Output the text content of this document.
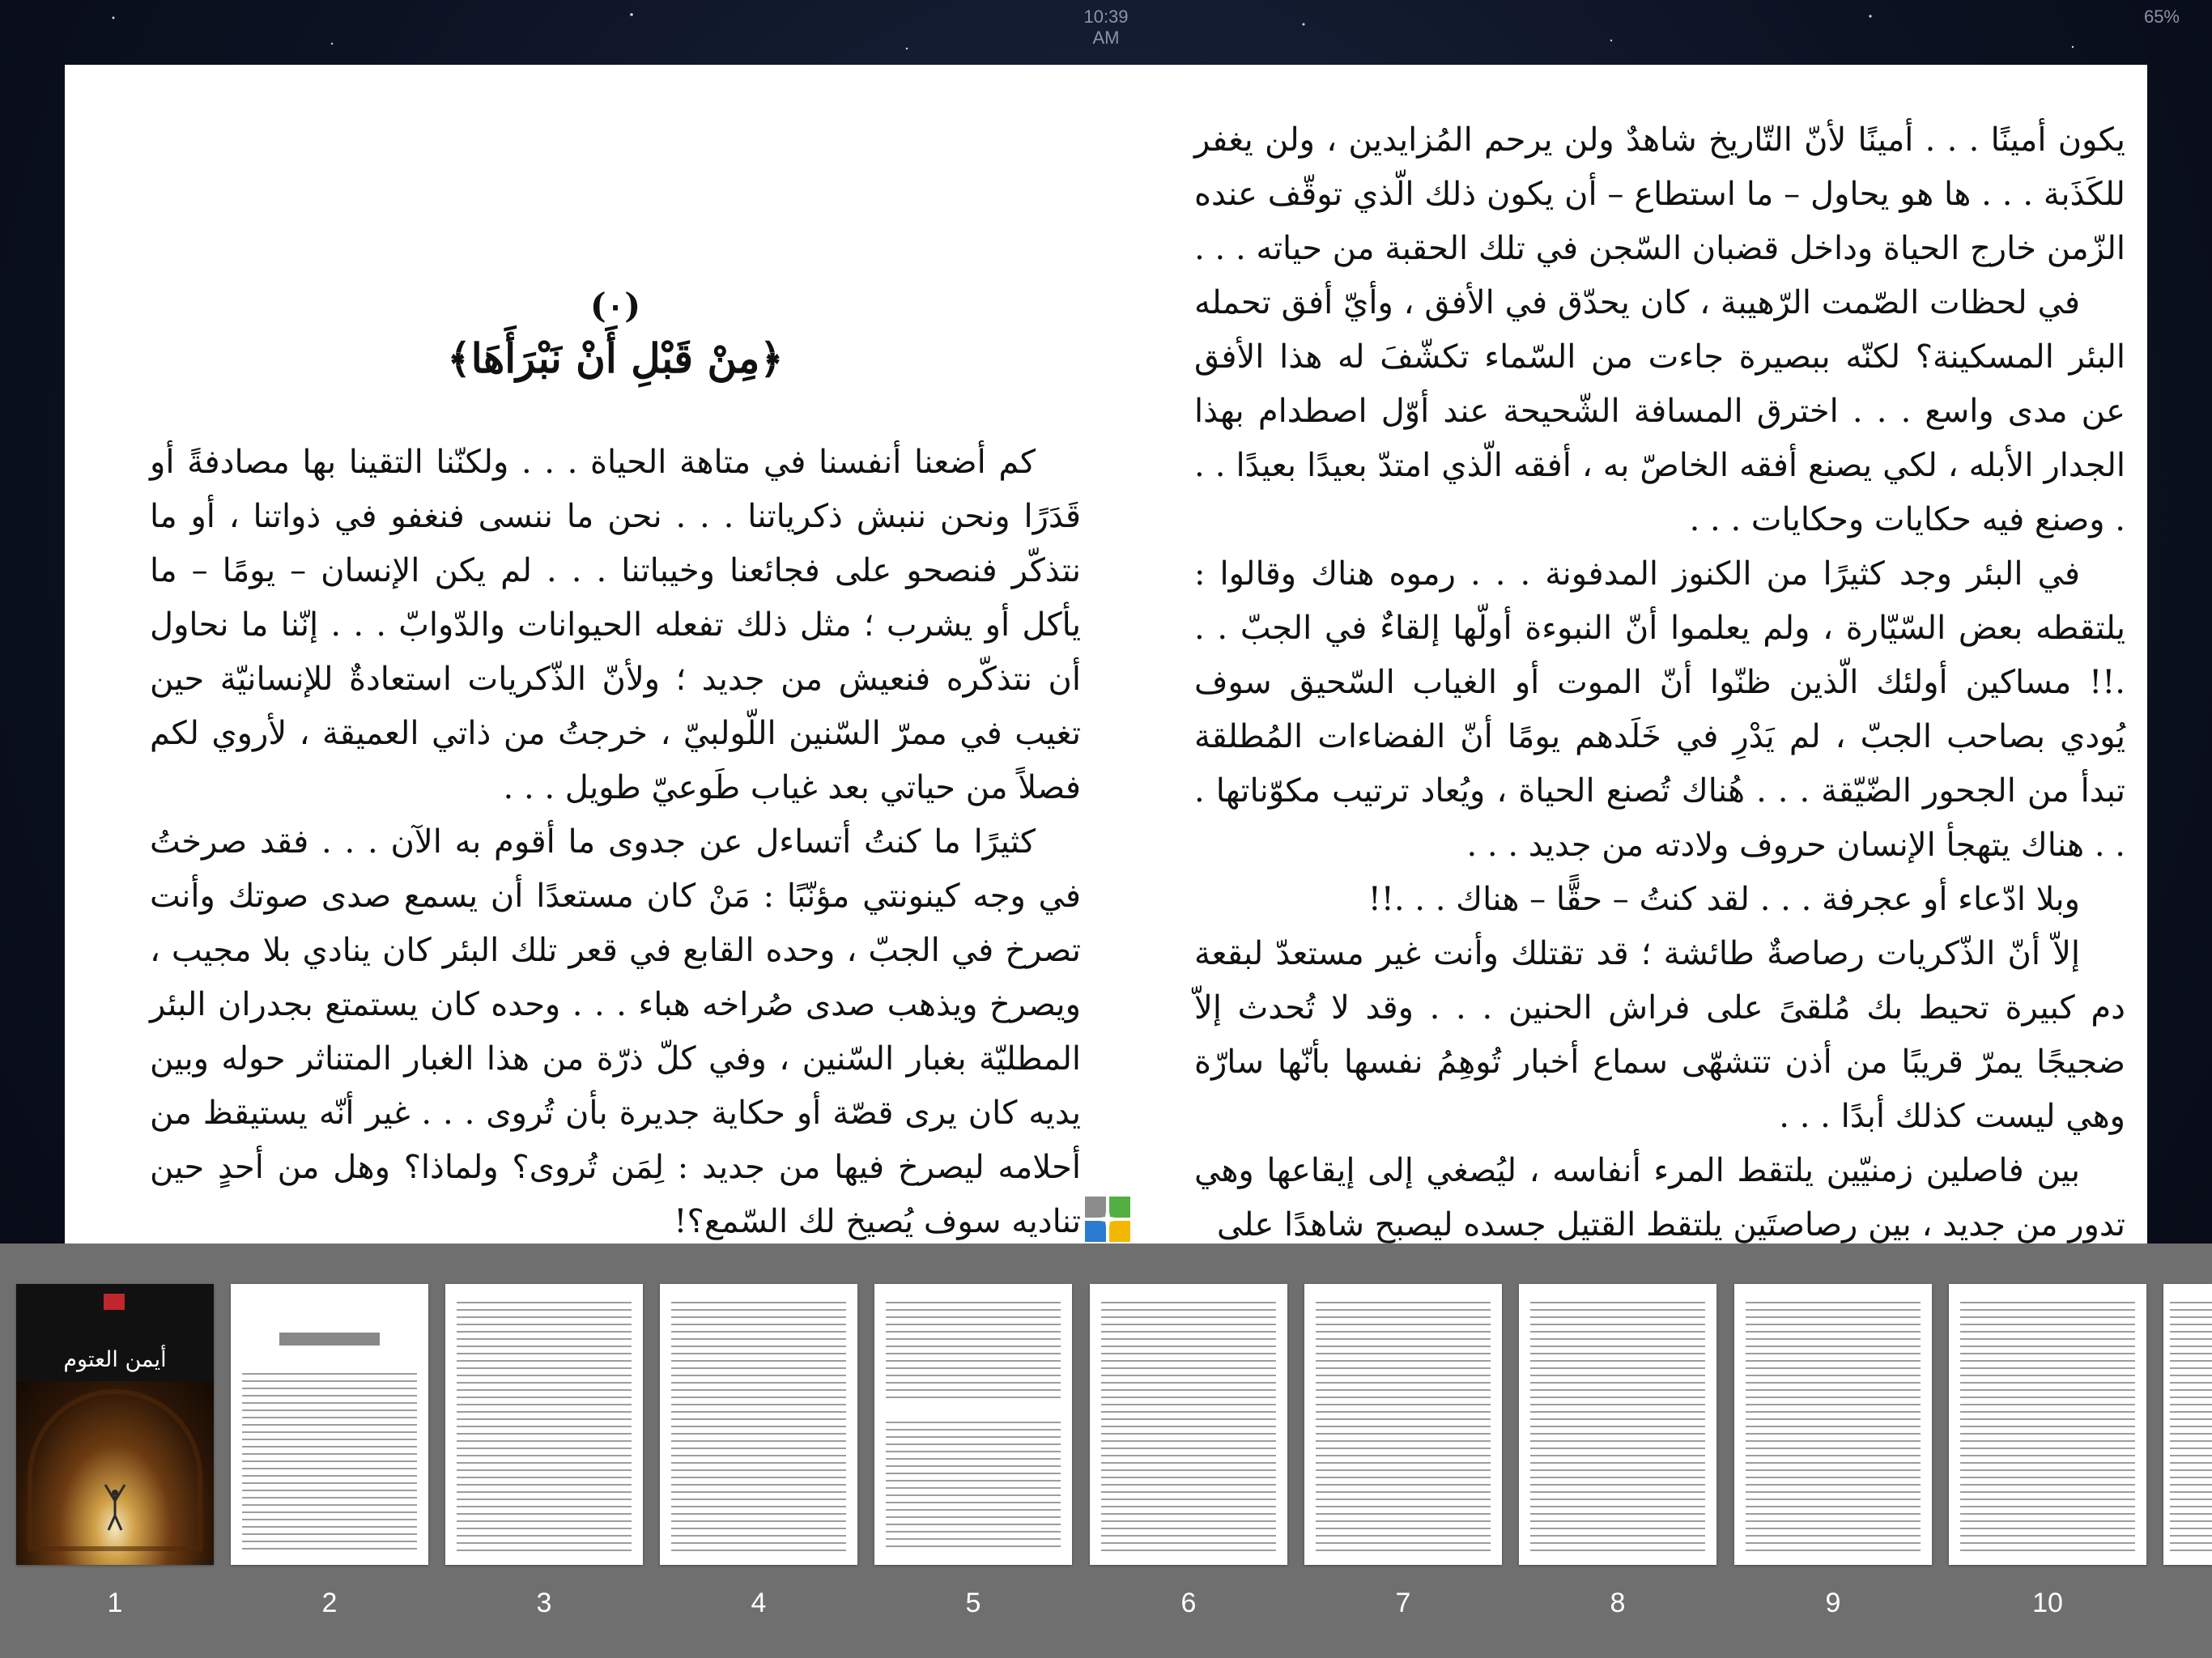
10:39 AM
65%

يكون أمينًا . . . أمينًا لأنّ التّاريخ شاهدٌ ولن يرحم المُزايدين ، ولن يغفر للكَذَبة . . . ها هو يحاول – ما استطاع – أن يكون ذلك الّذي توقّف عنده الزّمن خارج الحياة وداخل قضبان السّجن في تلك الحقبة من حياته . . .

في لحظات الصّمت الرّهيبة ، كان يحدّق في الأفق ، وأيّ أفق تحمله البئر المسكينة؟ لكنّه ببصيرة جاءت من السّماء تكشّفَ له هذا الأفق عن مدى واسع . . . اخترق المسافة الشّحيحة عند أوّل اصطدام بهذا الجدار الأبله ، لكي يصنع أفقه الخاصّ به ، أفقه الّذي امتدّ بعيدًا بعيدًا . . . وصنع فيه حكايات وحكايات . . .

في البئر وجد كثيرًا من الكنوز المدفونة . . . رموه هناك وقالوا : يلتقطه بعض السّيّارة ، ولم يعلموا أنّ النبوءة أولّها إلقاءٌ في الجبّ . . .!! مساكين أولئك الّذين ظنّوا أنّ الموت أو الغياب السّحيق سوف يُودي بصاحب الجبّ ، لم يَدْرِ في خَلَدهم يومًا أنّ الفضاءات المُطلقة تبدأ من الجحور الضّيّقة . . . هُناك تُصنع الحياة ، ويُعاد ترتيب مكوّناتها . . . هناك يتهجأ الإنسان حروف ولادته من جديد . . .

وبلا ادّعاء أو عجرفة . . . لقد كنتُ – حقًّا – هناك . . .!!

إلاّ أنّ الذّكريات رصاصةٌ طائشة ؛ قد تقتلك وأنت غير مستعدّ لبقعة دم كبيرة تحيط بك مُلقىً على فراش الحنين . . . وقد لا تُحدث إلاّ ضجيجًا يمرّ قريبًا من أذن تتشهّى سماع أخبار تُوهِمُ نفسها بأنّها سارّة وهي ليست كذلك أبدًا . . .

بين فاصلين زمنيّين يلتقط المرء أنفاسه ، ليُصغي إلى إيقاعها وهي تدور من جديد ، بين رصاصتَين يلتقط القتيل جسده ليصبح شاهدًا على

(٠)
﴿مِنْ قَبْلِ أَنْ نَبْرَأَهَا﴾

كم أضعنا أنفسنا في متاهة الحياة . . . ولكنّنا التقينا بها مصادفةً أو قَدَرًا ونحن ننبش ذكرياتنا . . . نحن ما ننسى فنغفو في ذواتنا ، أو ما نتذكّر فنصحو على فجائعنا وخيباتنا . . . لم يكن الإنسان – يومًا – ما يأكل أو يشرب ؛ مثل ذلك تفعله الحيوانات والدّوابّ . . . إنّنا ما نحاول أن نتذكّره فنعيش من جديد ؛ ولأنّ الذّكريات استعادةٌ للإنسانيّة حين تغيب في ممرّ السّنين اللّولبيّ ، خرجتُ من ذاتي العميقة ، لأروي لكم فصلاً من حياتي بعد غياب طَوعيّ طويل . . .

كثيرًا ما كنتُ أتساءل عن جدوى ما أقوم به الآن . . . فقد صرختُ في وجه كينونتي مؤنّبًا : مَنْ كان مستعدًا أن يسمع صدى صوتك وأنت تصرخ في الجبّ ، وحده القابع في قعر تلك البئر كان ينادي بلا مجيب ، ويصرخ ويذهب صدى صُراخه هباء . . . وحده كان يستمتع بجدران البئر المطليّة بغبار السّنين ، وفي كلّ ذرّة من هذا الغبار المتناثر حوله وبين يديه كان يرى قصّة أو حكاية جديرة بأن تُروى . . . غير أنّه يستيقظ من أحلامه ليصرخ فيها من جديد : لِمَن تُروى؟ ولماذا؟ وهل من أحدٍ حين تناديه سوف يُصيخ لك السّمع؟!

أيمن العتوم
1	2	3	4	5	6	7	8	9	10
